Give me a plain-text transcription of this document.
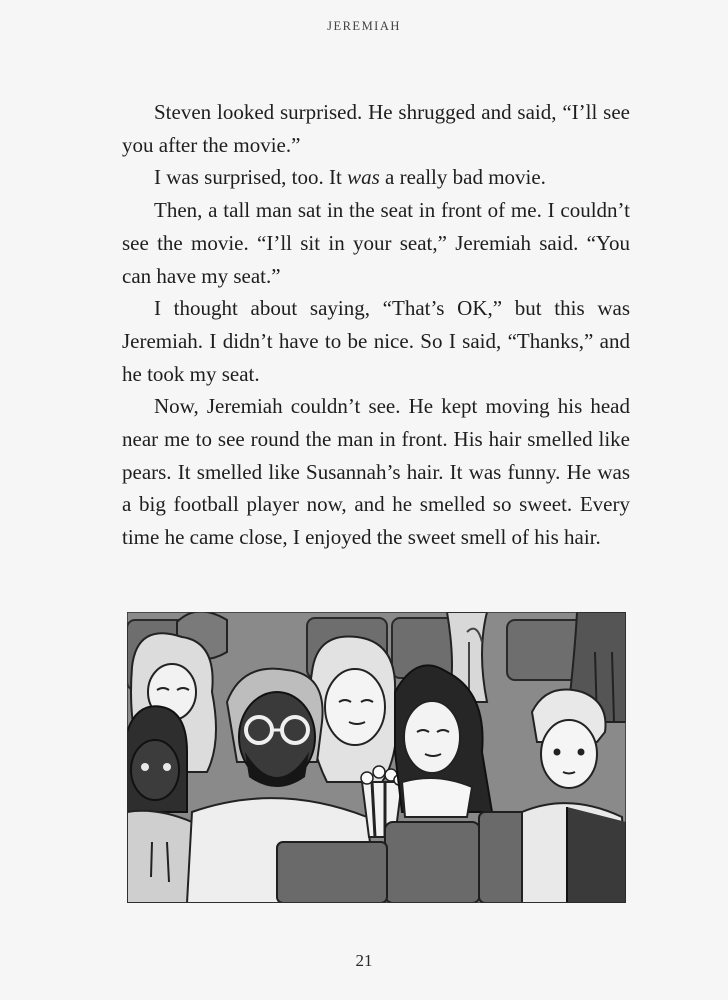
JEREMIAH

Steven looked surprised. He shrugged and said, “I’ll see you after the movie.”

I was surprised, too. It was a really bad movie.

Then, a tall man sat in the seat in front of me. I couldn’t see the movie. “I’ll sit in your seat,” Jeremiah said. “You can have my seat.”

I thought about saying, “That’s OK,” but this was Jeremiah. I didn’t have to be nice. So I said, “Thanks,” and he took my seat.

Now, Jeremiah couldn’t see. He kept moving his head near me to see round the man in front. His hair smelled like pears. It smelled like Susannah’s hair. It was funny. He was a big football player now, and he smelled so sweet. Every time he came close, I enjoyed the sweet smell of his hair.

21
